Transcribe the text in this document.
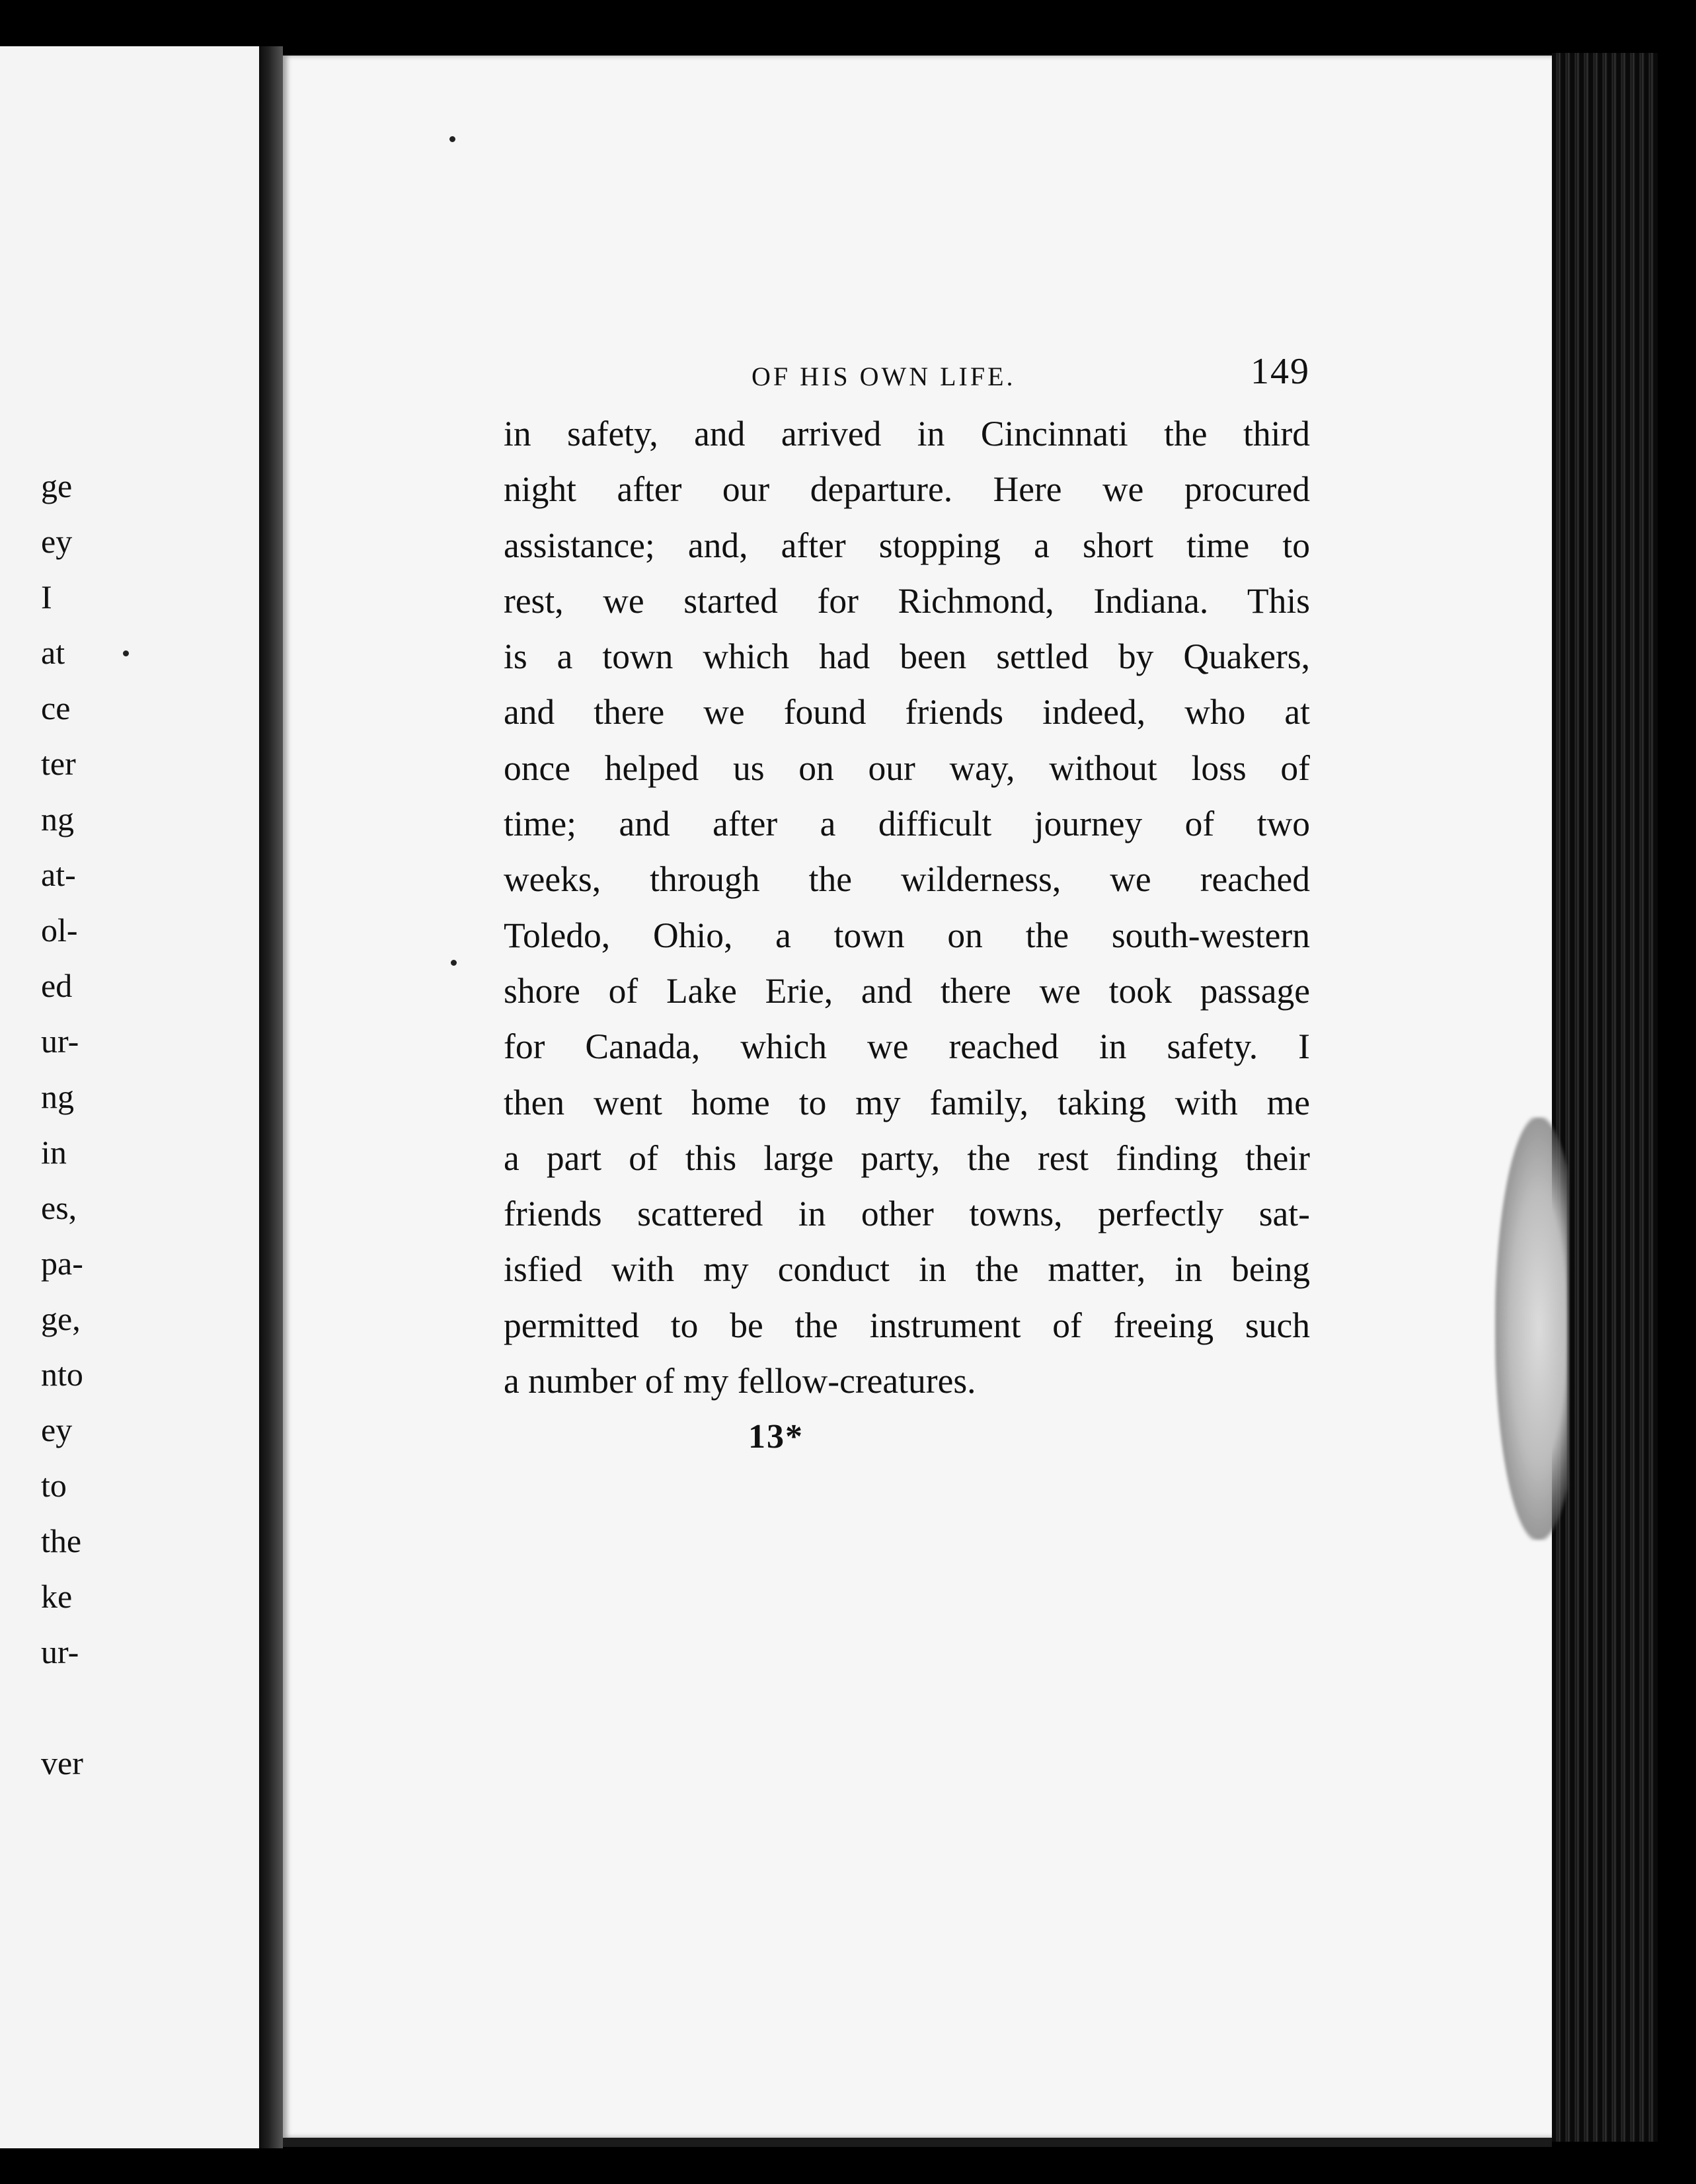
ge
ey
I
at
ce
ter
ng
at-
ol-
ed
ur-
ng
in
es,
pa-
ge,
nto
ey
to
the
ke
ur-
ver
OF HIS OWN LIFE.	149
in safety, and arrived in Cincinnati the third
night after our departure. Here we procured
assistance; and, after stopping a short time to
rest, we started for Richmond, Indiana. This
is a town which had been settled by Quakers,
and there we found friends indeed, who at
once helped us on our way, without loss of
time; and after a difficult journey of two
weeks, through the wilderness, we reached
Toledo, Ohio, a town on the south-western
shore of Lake Erie, and there we took passage
for Canada, which we reached in safety. I
then went home to my family, taking with me
a part of this large party, the rest finding their
friends scattered in other towns, perfectly sat-
isfied with my conduct in the matter, in being
permitted to be the instrument of freeing such
a number of my fellow-creatures.
13*
